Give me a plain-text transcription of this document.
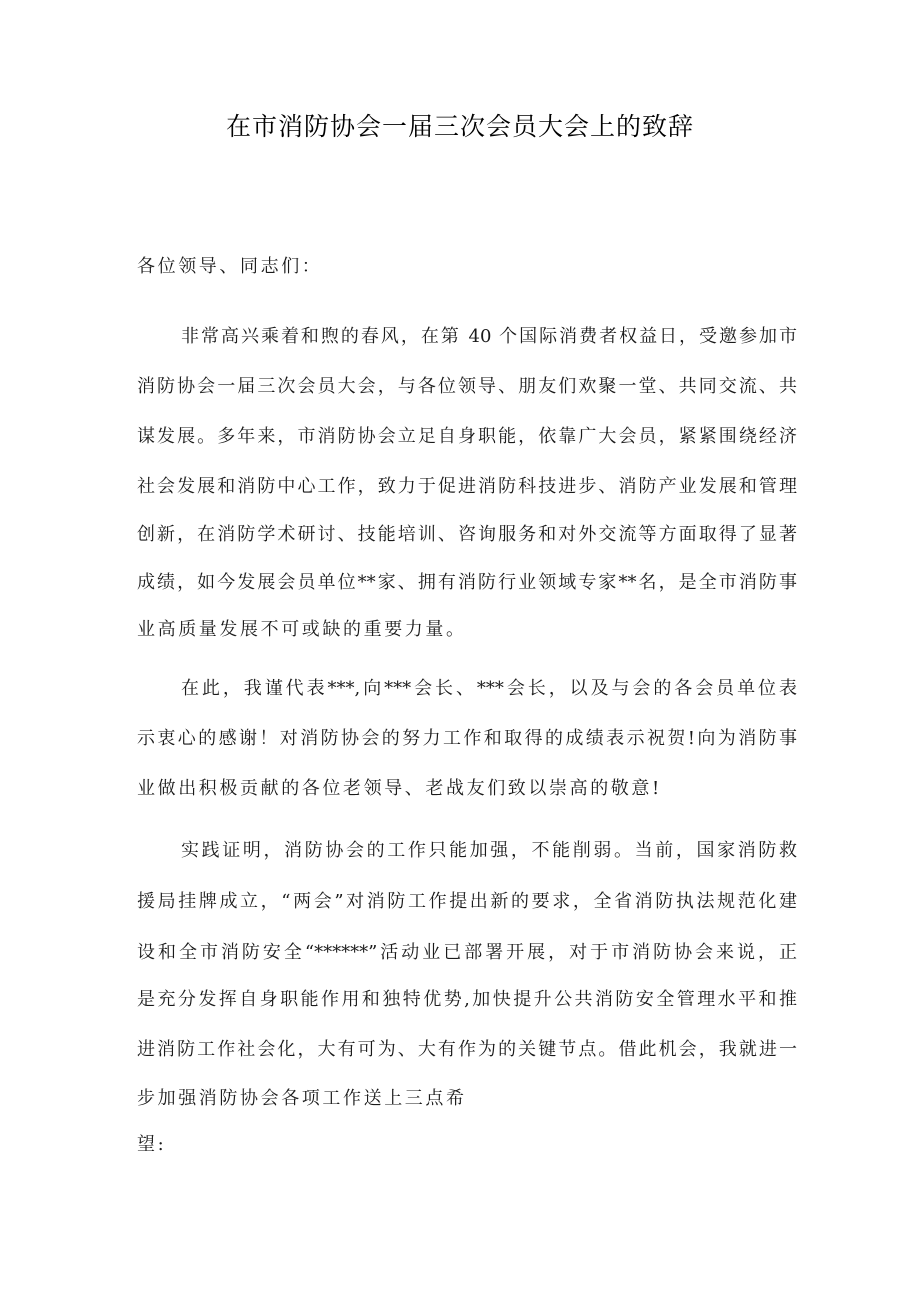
在市消防协会一届三次会员大会上的致辞
各位领导、同志们：
非常高兴乘着和煦的春风，在第 40 个国际消费者权益日，受邀参加市
消防协会一届三次会员大会，与各位领导、朋友们欢聚一堂、共同交流、共
谋发展。多年来，市消防协会立足自身职能，依靠广大会员，紧紧围绕经济
社会发展和消防中心工作，致力于促进消防科技进步、消防产业发展和管理
创新，在消防学术研讨、技能培训、咨询服务和对外交流等方面取得了显著
成绩，如今发展会员单位**家、拥有消防行业领域专家**名，是全市消防事
业高质量发展不可或缺的重要力量。
在此，我谨代表***,向***会长、***会长，以及与会的各会员单位表
示衷心的感谢！对消防协会的努力工作和取得的成绩表示祝贺!向为消防事
业做出积极贡献的各位老领导、老战友们致以崇高的敬意!
实践证明，消防协会的工作只能加强，不能削弱。当前，国家消防救
援局挂牌成立，“两会”对消防工作提出新的要求，全省消防执法规范化建
设和全市消防安全“******”活动业已部署开展，对于市消防协会来说，正
是充分发挥自身职能作用和独特优势,加快提升公共消防安全管理水平和推
进消防工作社会化，大有可为、大有作为的关键节点。借此机会，我就进一
步加强消防协会各项工作送上三点希
望:
